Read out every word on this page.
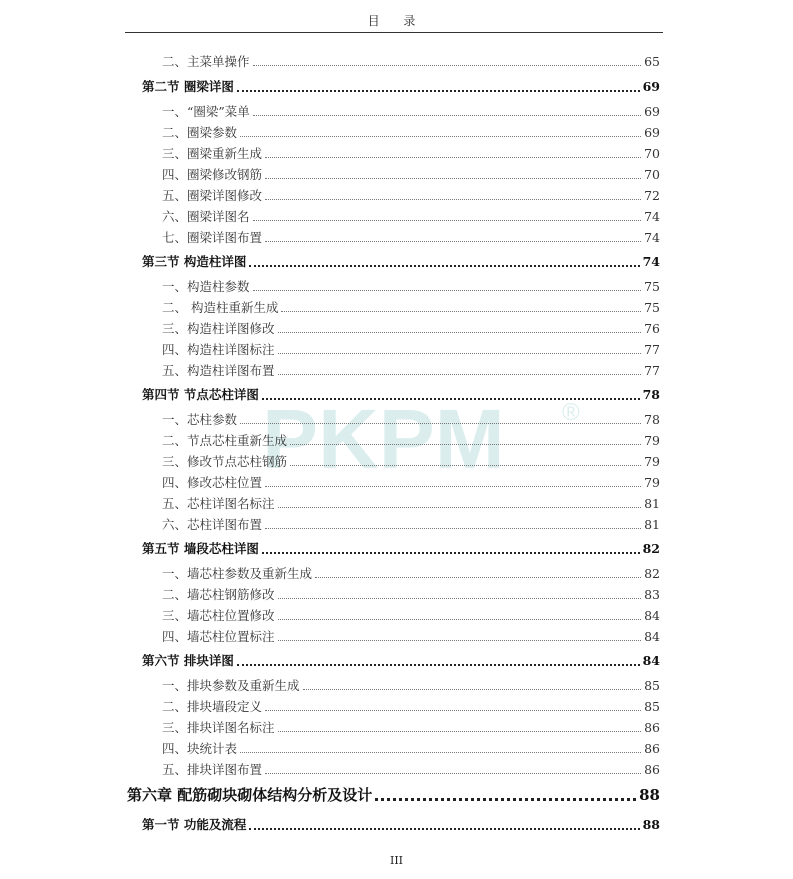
目 录
PKPM ®
二、主菜单操作	65
第二节 圈梁详图	69
一、“圈梁”菜单	69
二、圈梁参数	69
三、圈梁重新生成	70
四、圈梁修改钢筋	70
五、圈梁详图修改	72
六、圈梁详图名	74
七、圈梁详图布置	74
第三节 构造柱详图	74
一、构造柱参数	75
二、 构造柱重新生成	75
三、构造柱详图修改	76
四、构造柱详图标注	77
五、构造柱详图布置	77
第四节 节点芯柱详图	78
一、芯柱参数	78
二、节点芯柱重新生成	79
三、修改节点芯柱钢筋	79
四、修改芯柱位置	79
五、芯柱详图名标注	81
六、芯柱详图布置	81
第五节 墙段芯柱详图	82
一、墙芯柱参数及重新生成	82
二、墙芯柱钢筋修改	83
三、墙芯柱位置修改	84
四、墙芯柱位置标注	84
第六节 排块详图	84
一、排块参数及重新生成	85
二、排块墙段定义	85
三、排块详图名标注	86
四、块统计表	86
五、排块详图布置	86
第六章 配筋砌块砌体结构分析及设计	88
第一节 功能及流程	88
III
